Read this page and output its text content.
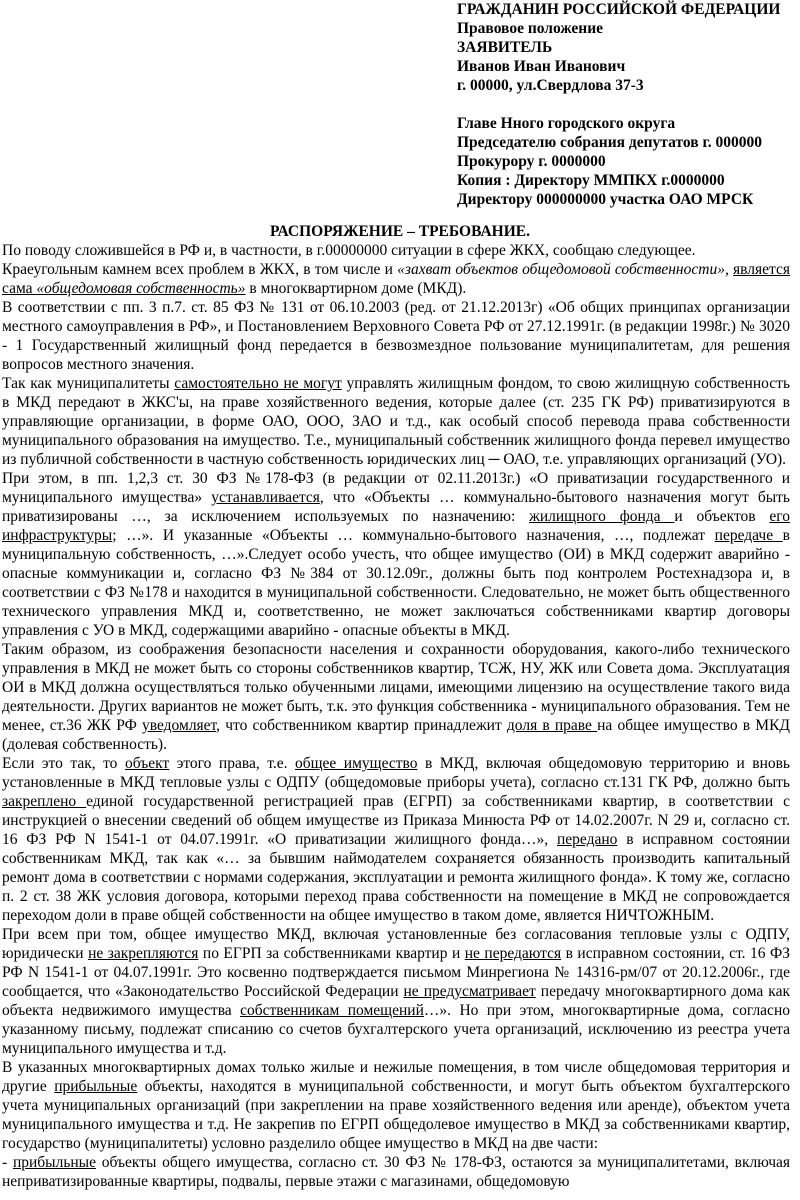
ГРАЖДАНИН РОССИЙСКОЙ ФЕДЕРАЦИИ
Правовое положение
ЗАЯВИТЕЛЬ
Иванов Иван Иванович
г. 00000, ул.Свердлова 37-3
Главе Нного городского округа
Председателю собрания депутатов г. 000000
Прокурору г. 0000000
Копия : Директору ММПКХ г.0000000
Директору 000000000 участка ОАО МРСК
РАСПОРЯЖЕНИЕ – ТРЕБОВАНИЕ.

По поводу сложившейся в РФ и, в частности, в г.00000000 ситуации в сфере ЖКХ, сообщаю следующее.

Краеугольным камнем всех проблем в ЖКХ, в том числе и «захват объектов общедомовой собственности», является сама «общедомовая собственность» в многоквартирном доме (МКД).

В соответствии с пп. 3 п.7. ст. 85 ФЗ № 131 от 06.10.2003 (ред. от 21.12.2013г) «Об общих принципах организации местного самоуправления в РФ», и Постановлением Верховного Совета РФ от 27.12.1991г. (в редакции 1998г.) № 3020 - 1 Государственный жилищный фонд передается в безвозмездное пользование муниципалитетам, для решения вопросов местного значения.

Так как муниципалитеты самостоятельно не могут управлять жилищным фондом, то свою жилищную собственность в МКД передают в ЖКС'ы, на праве хозяйственного ведения, которые далее (ст. 235 ГК РФ) приватизируются в управляющие организации, в форме ОАО, ООО, ЗАО и т.д., как особый способ перевода права собственности муниципального образования на имущество. Т.е., муниципальный собственник жилищного фонда перевел имущество из публичной собственности в частную собственность юридических лиц ─ ОАО, т.е. управляющих организаций (УО).

При этом, в пп. 1,2,3 ст. 30 ФЗ №178-ФЗ (в редакции от 02.11.2013г.) «О приватизации государственного и муниципального имущества» устанавливается, что «Объекты … коммунально-бытового назначения могут быть приватизированы …, за исключением используемых по назначению: жилищного фонда и объектов его инфраструктуры; …». И указанные «Объекты … коммунально-бытового назначения, …, подлежат передаче в муниципальную собственность, …».Следует особо учесть, что общее имущество (ОИ) в МКД содержит аварийно - опасные коммуникации и, согласно ФЗ №384 от 30.12.09г., должны быть под контролем Ростехнадзора и, в соответствии с ФЗ №178 и находится в муниципальной собственности. Следовательно, не может быть общественного технического управления МКД и, соответственно, не может заключаться собственниками квартир договоры управления с УО в МКД, содержащими аварийно - опасные объекты в МКД.

Таким образом, из соображения безопасности населения и сохранности оборудования, какого-либо технического управления в МКД не может быть со стороны собственников квартир, ТСЖ, НУ, ЖК или Совета дома. Эксплуатация ОИ в МКД должна осуществляться только обученными лицами, имеющими лицензию на осуществление такого вида деятельности. Других вариантов не может быть, т.к. это функция собственника - муниципального образования. Тем не менее, ст.36 ЖК РФ уведомляет, что собственником квартир принадлежит доля в праве на общее имущество в МКД (долевая собственность).

Если это так, то объект этого права, т.е. общее имущество в МКД, включая общедомовую территорию и вновь установленные в МКД тепловые узлы с ОДПУ (общедомовые приборы учета), согласно ст.131 ГК РФ, должно быть закреплено единой государственной регистрацией прав (ЕГРП) за собственниками квартир, в соответствии с инструкцией о внесении сведений об общем имуществе из Приказа Минюста РФ от 14.02.2007г. N 29 и, согласно ст. 16 ФЗ РФ N 1541-1 от 04.07.1991г. «О приватизации жилищного фонда…», передано в исправном состоянии собственникам МКД, так как «… за бывшим наймодателем сохраняется обязанность производить капитальный ремонт дома в соответствии с нормами содержания, эксплуатации и ремонта жилищного фонда». К тому же, согласно п. 2 ст. 38 ЖК условия договора, которыми переход права собственности на помещение в МКД не сопровождается переходом доли в праве общей собственности на общее имущество в таком доме, является НИЧТОЖНЫМ.

При всем при том, общее имущество МКД, включая установленные без согласования тепловые узлы с ОДПУ, юридически не закрепляются по ЕГРП за собственниками квартир и не передаются в исправном состоянии, ст. 16 ФЗ РФ N 1541-1 от 04.07.1991г. Это косвенно подтверждается письмом Минрегиона № 14316-рм/07 от 20.12.2006г., где сообщается, что «Законодательство Российской Федерации не предусматривает передачу многоквартирного дома как объекта недвижимого имущества собственникам помещений…». Но при этом, многоквартирные дома, согласно указанному письму, подлежат списанию со счетов бухгалтерского учета организаций, исключению из реестра учета муниципального имущества и т.д.

В указанных многоквартирных домах только жилые и нежилые помещения, в том числе общедомовая территория и другие прибыльные объекты, находятся в муниципальной собственности, и могут быть объектом бухгалтерского учета муниципальных организаций (при закреплении на праве хозяйственного ведения или аренде), объектом учета муниципального имущества и т.д. Не закрепив по ЕГРП общедолевое имущество в МКД за собственниками квартир, государство (муниципалитеты) условно разделило общее имущество в МКД на две части:

- прибыльные объекты общего имущества, согласно ст. 30 ФЗ № 178-ФЗ, остаются за муниципалитетами, включая неприватизированные квартиры, подвалы, первые этажи с магазинами, общедомовую
